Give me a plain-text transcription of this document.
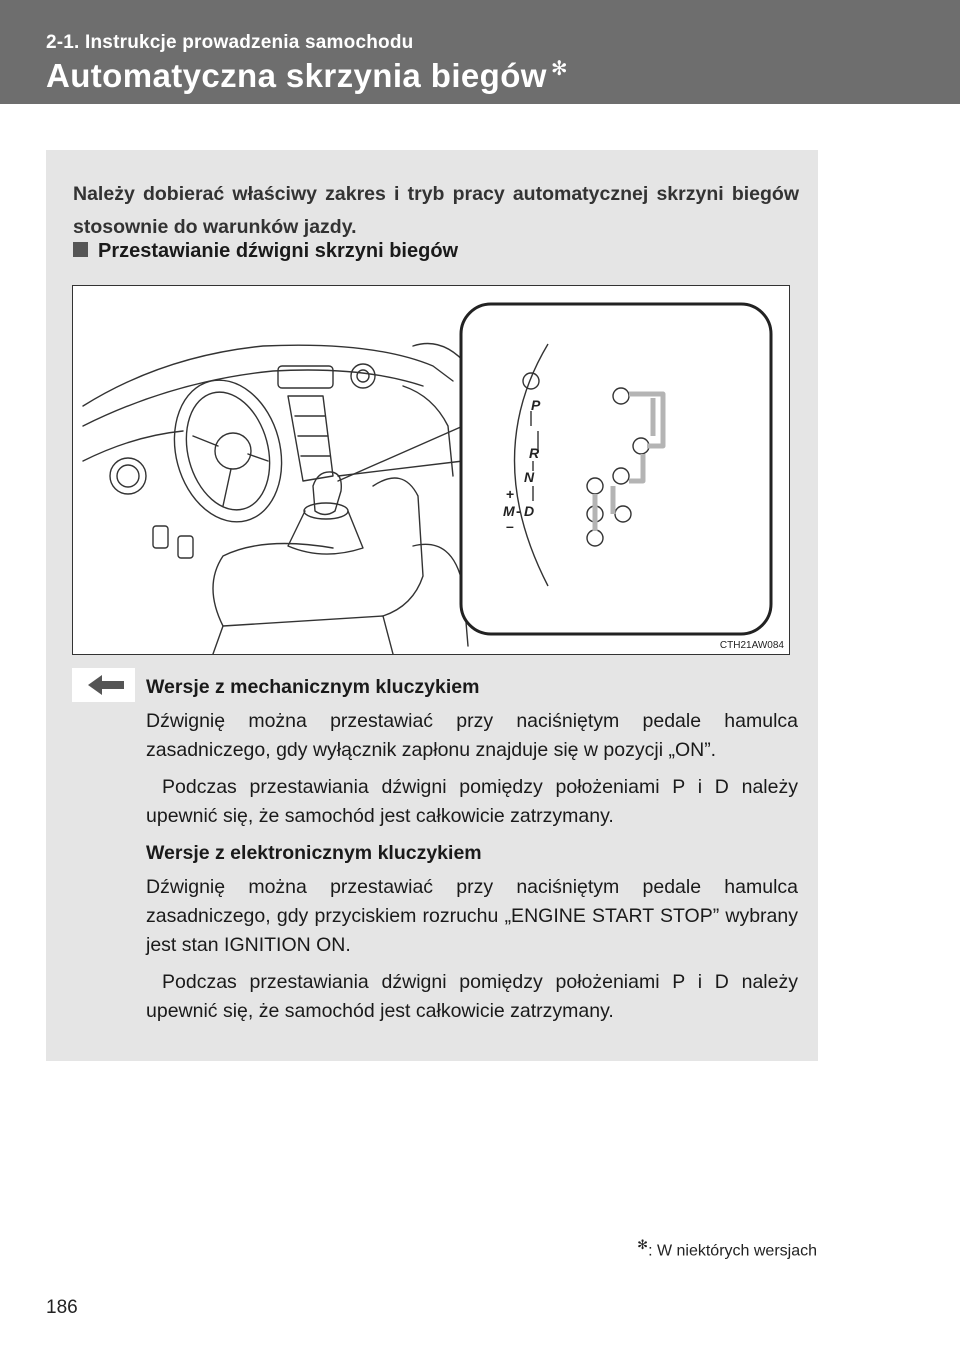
2-1. Instrukcje prowadzenia samochodu
Automatyczna skrzynia biegów ✻
Należy dobierać właściwy zakres i tryb pracy automatycznej skrzyni biegów stosownie do warunków jazdy.
Przestawianie dźwigni skrzyni biegów
P
R
N
D
M
+
-
–
CTH21AW084
Wersje z mechanicznym kluczykiem
Dźwignię można przestawiać przy naciśniętym pedale hamulca zasadniczego, gdy wyłącznik zapłonu znajduje się w pozycji „ON”.
Podczas przestawiania dźwigni pomiędzy położeniami P i D należy upewnić się, że samochód jest całkowicie zatrzymany.
Wersje z elektronicznym kluczykiem
Dźwignię można przestawiać przy naciśniętym pedale hamulca zasadniczego, gdy przyciskiem rozruchu „ENGINE START STOP” wybrany jest stan IGNITION ON.
Podczas przestawiania dźwigni pomiędzy położeniami P i D należy upewnić się, że samochód jest całkowicie zatrzymany.
✻: W niektórych wersjach
186
